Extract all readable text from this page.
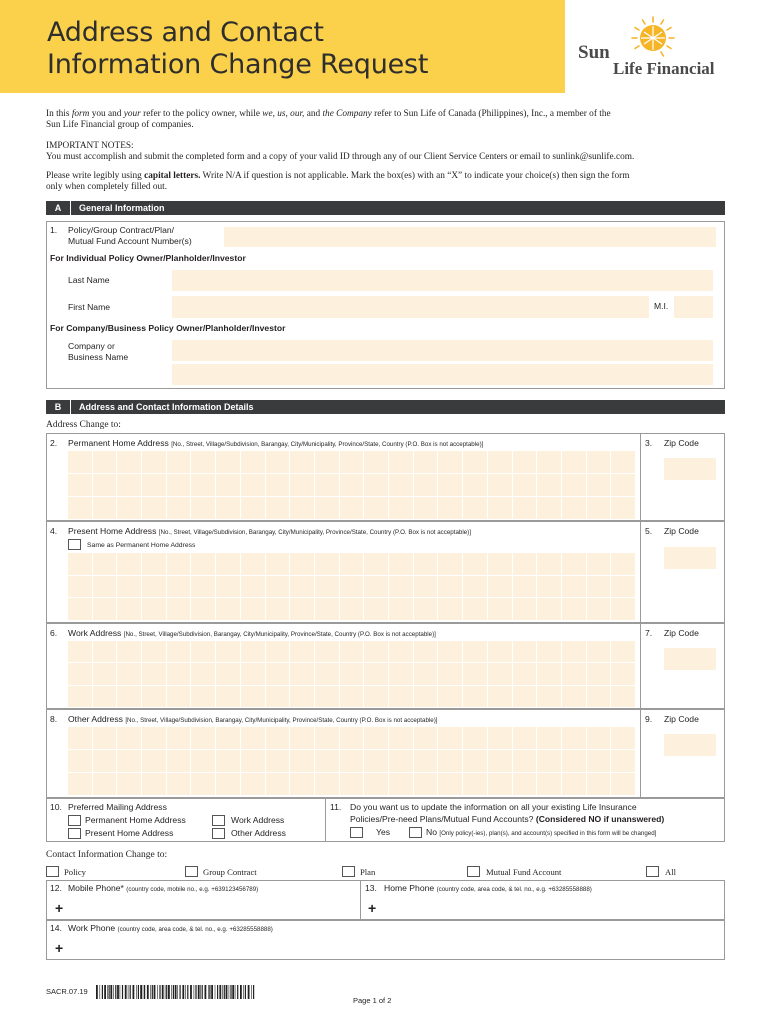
Address and Contact
Information Change Request	Sun
Life Financial
In this form you and your refer to the policy owner, while we, us, our, and the Company refer to Sun Life of Canada (Philippines), Inc., a member of the
Sun Life Financial group of companies.
IMPORTANT NOTES:
You must accomplish and submit the completed form and a copy of your valid ID through any of our Client Service Centers or email to sunlink@sunlife.com.
Please write legibly using capital letters. Write N/A if question is not applicable. Mark the box(es) with an “X” to indicate your choice(s) then sign the form
only when completely filled out.
A	General Information
1. Policy/Group Contract/Plan/
Mutual Fund Account Number(s)
For Individual Policy Owner/Planholder/Investor
Last Name
First Name	M.I.
For Company/Business Policy Owner/Planholder/Investor
Company or
Business Name
B	Address and Contact Information Details
Address Change to:
2. Permanent Home Address [No., Street, Village/Subdivision, Barangay, City/Municipality, Province/State, Country (P.O. Box is not acceptable)]	3. Zip Code
4. Present Home Address [No., Street, Village/Subdivision, Barangay, City/Municipality, Province/State, Country (P.O. Box is not acceptable)]
Same as Permanent Home Address
5. Zip Code
6. Work Address [No., Street, Village/Subdivision, Barangay, City/Municipality, Province/State, Country (P.O. Box is not acceptable)]	7. Zip Code
8. Other Address [No., Street, Village/Subdivision, Barangay, City/Municipality, Province/State, Country (P.O. Box is not acceptable)]	9. Zip Code
10. Preferred Mailing Address
Permanent Home Address	Work Address
Present Home Address	Other Address
11. Do you want us to update the information on all your existing Life Insurance
Policies/Pre-need Plans/Mutual Fund Accounts? (Considered NO if unanswered)
Yes	No [Only policy(-ies), plan(s), and account(s) specified in this form will be changed]
Contact Information Change to:
Policy	Group Contract	Plan	Mutual Fund Account	All
12. Mobile Phone* (country code, mobile no., e.g. +639123456789)
+
13. Home Phone (country code, area code, & tel. no., e.g. +63285558888)
+
14. Work Phone (country code, area code, & tel. no., e.g. +63285558888)
+
SACR.07.19
Page 1 of 2
